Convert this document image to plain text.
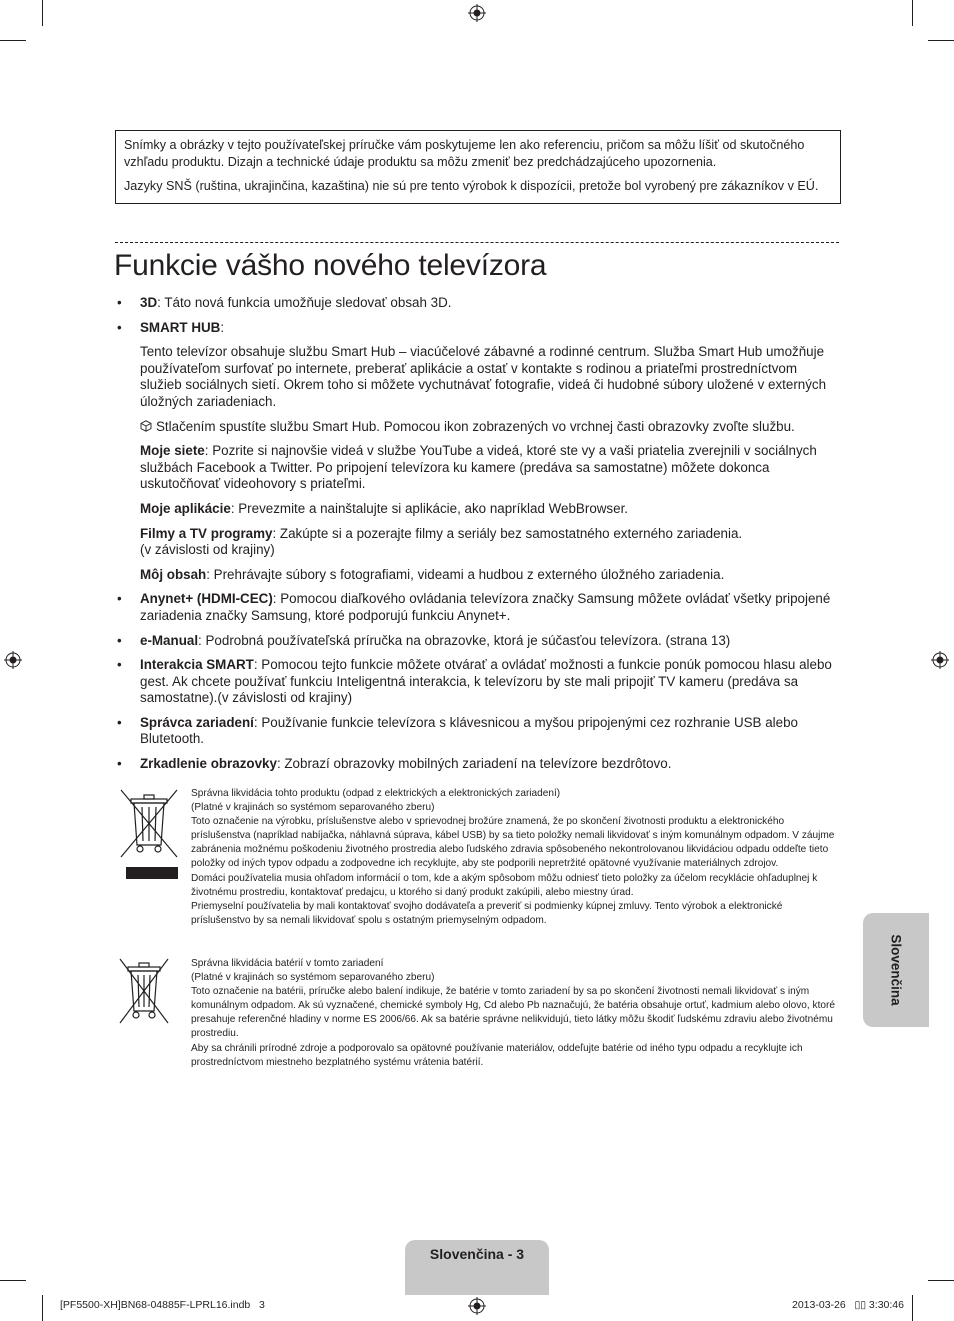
Snímky a obrázky v tejto používateľskej príručke vám poskytujeme len ako referenciu, pričom sa môžu líšiť od skutočného vzhľadu produktu. Dizajn a technické údaje produktu sa môžu zmeniť bez predchádzajúceho upozornenia.

Jazyky SNŠ (ruština, ukrajinčina, kazaština) nie sú pre tento výrobok k dispozícii, pretože bol vyrobený pre zákazníkov v EÚ.

Funkcie vášho nového televízora
• 3D: Táto nová funkcia umožňuje sledovať obsah 3D.
• SMART HUB:

Tento televízor obsahuje službu Smart Hub – viacúčelové zábavné a rodinné centrum. Služba Smart Hub umožňuje používateľom surfovať po internete, preberať aplikácie a ostať v kontakte s rodinou a priateľmi prostredníctvom služieb sociálnych sietí. Okrem toho si môžete vychutnávať fotografie, videá či hudobné súbory uložené v externých úložných zariadeniach.

Stlačením spustíte službu Smart Hub. Pomocou ikon zobrazených vo vrchnej časti obrazovky zvoľte službu.

Moje siete: Pozrite si najnovšie videá v službe YouTube a videá, ktoré ste vy a vaši priatelia zverejnili v sociálnych službách Facebook a Twitter. Po pripojení televízora ku kamere (predáva sa samostatne) môžete dokonca uskutočňovať videohovory s priateľmi.

Moje aplikácie: Prevezmite a nainštalujte si aplikácie, ako napríklad WebBrowser.

Filmy a TV programy: Zakúpte si a pozerajte filmy a seriály bez samostatného externého zariadenia.
(v závislosti od krajiny)

Môj obsah: Prehrávajte súbory s fotografiami, videami a hudbou z externého úložného zariadenia.

• Anynet+ (HDMI-CEC): Pomocou diaľkového ovládania televízora značky Samsung môžete ovládať všetky pripojené zariadenia značky Samsung, ktoré podporujú funkciu Anynet+.
• e-Manual: Podrobná používateľská príručka na obrazovke, ktorá je súčasťou televízora. (strana 13)
• Interakcia SMART: Pomocou tejto funkcie môžete otvárať a ovládať možnosti a funkcie ponúk pomocou hlasu alebo gest. Ak chcete používať funkciu Inteligentná interakcia, k televízoru by ste mali pripojiť TV kameru (predáva sa samostatne).(v závislosti od krajiny)
• Správca zariadení: Používanie funkcie televízora s klávesnicou a myšou pripojenými cez rozhranie USB alebo Blutetooth.
• Zrkadlenie obrazovky: Zobrazí obrazovky mobilných zariadení na televízore bezdrôtovo.

Správna likvidácia tohto produktu (odpad z elektrických a elektronických zariadení)

(Platné v krajinách so systémom separovaného zberu)

Toto označenie na výrobku, príslušenstve alebo v sprievodnej brožúre znamená, že po skončení životnosti produktu a elektronického príslušenstva (napríklad nabíjačka, náhlavná súprava, kábel USB) by sa tieto položky nemali likvidovať s iným komunálnym odpadom. V záujme zabránenia možnému poškodeniu životného prostredia alebo ľudského zdravia spôsobeného nekontrolovanou likvidáciou odpadu oddeľte tieto položky od iných typov odpadu a zodpovedne ich recyklujte, aby ste podporili nepretržité opätovné využívanie materiálnych zdrojov.

Domáci používatelia musia ohľadom informácií o tom, kde a akým spôsobom môžu odniesť tieto položky za účelom recyklácie ohľaduplnej k životnému prostrediu, kontaktovať predajcu, u ktorého si daný produkt zakúpili, alebo miestny úrad.

Priemyselní používatelia by mali kontaktovať svojho dodávateľa a preveriť si podmienky kúpnej zmluvy. Tento výrobok a elektronické príslušenstvo by sa nemali likvidovať spolu s ostatným priemyselným odpadom.

Správna likvidácia batérií v tomto zariadení

(Platné v krajinách so systémom separovaného zberu)

Toto označenie na batérii, príručke alebo balení indikuje, že batérie v tomto zariadení by sa po skončení životnosti nemali likvidovať s iným komunálnym odpadom. Ak sú vyznačené, chemické symboly Hg, Cd alebo Pb naznačujú, že batéria obsahuje ortuť, kadmium alebo olovo, ktoré presahuje referenčné hladiny v norme ES 2006/66. Ak sa batérie správne nelikvidujú, tieto látky môžu škodiť ľudskému zdraviu alebo životnému prostrediu.

Aby sa chránili prírodné zdroje a podporovalo sa opätovné používanie materiálov, oddeľujte batérie od iného typu odpadu a recyklujte ich prostredníctvom miestneho bezplatného systému vrátenia batérií.

Slovenčina
Slovenčina - 3
[PF5500-XH]BN68-04885F-LPRL16.indb   3	2013-03-26   ▯▯ 3:30:46
